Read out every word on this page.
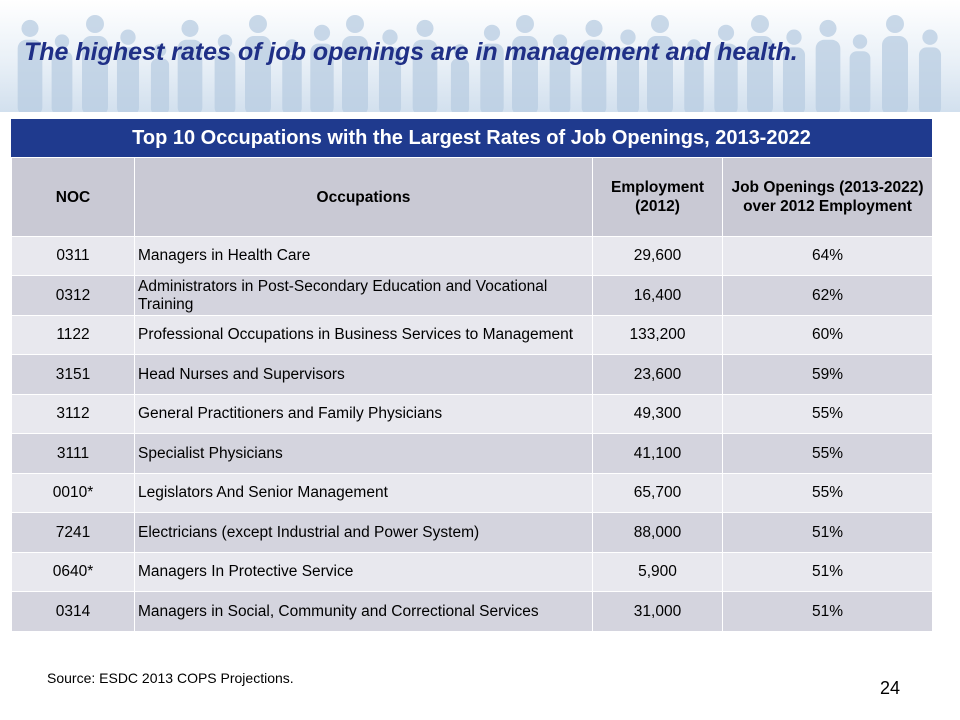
The highest rates of job openings are in management and health.
Top 10 Occupations with the Largest Rates of Job Openings, 2013-2022
NOC	Occupations	Employment (2012)	Job Openings (2013-2022) over 2012 Employment
0311	Managers in Health Care	29,600	64%
0312	Administrators in Post-Secondary Education and Vocational Training	16,400	62%
1122	Professional Occupations in Business Services to Management	133,200	60%
3151	Head Nurses and Supervisors	23,600	59%
3112	General Practitioners and Family Physicians	49,300	55%
3111	Specialist Physicians	41,100	55%
0010*	Legislators And Senior Management	65,700	55%
7241	Electricians (except Industrial and Power System)	88,000	51%
0640*	Managers In Protective Service	5,900	51%
0314	Managers in Social, Community and Correctional Services	31,000	51%
Source: ESDC 2013 COPS Projections.	24
